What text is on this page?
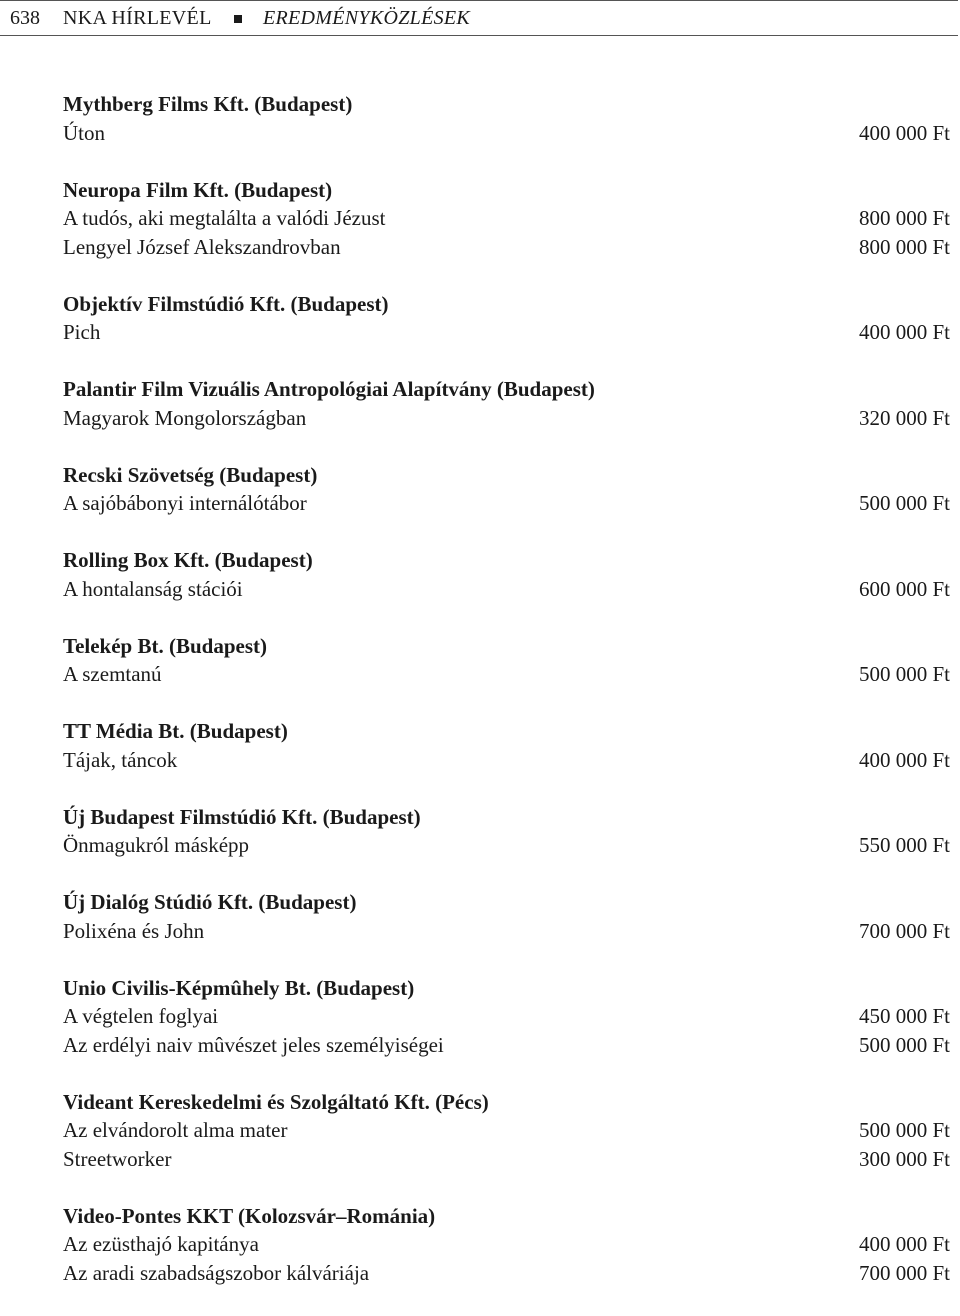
638 NKA HÍRLEVÉL	EREDMÉNYKÖZLÉSEK
Mythberg Films Kft. (Budapest)
Úton	400 000 Ft
Neuropa Film Kft. (Budapest)
A tudós, aki megtalálta a valódi Jézust	800 000 Ft
Lengyel József Alekszandrovban	800 000 Ft
Objektív Filmstúdió Kft. (Budapest)
Pich	400 000 Ft
Palantir Film Vizuális Antropológiai Alapítvány (Budapest)
Magyarok Mongolországban	320 000 Ft
Recski Szövetség (Budapest)
A sajóbábonyi internálótábor	500 000 Ft
Rolling Box Kft. (Budapest)
A hontalanság stációi	600 000 Ft
Telekép Bt. (Budapest)
A szemtanú	500 000 Ft
TT Média Bt. (Budapest)
Tájak, táncok	400 000 Ft
Új Budapest Filmstúdió Kft. (Budapest)
Önmagukról másképp	550 000 Ft
Új Dialóg Stúdió Kft. (Budapest)
Polixéna és John	700 000 Ft
Unio Civilis-Képmûhely Bt. (Budapest)
A végtelen foglyai	450 000 Ft
Az erdélyi naiv mûvészet jeles személyiségei	500 000 Ft
Videant Kereskedelmi és Szolgáltató Kft. (Pécs)
Az elvándorolt alma mater	500 000 Ft
Streetworker	300 000 Ft
Video-Pontes KKT (Kolozsvár–Románia)
Az ezüsthajó kapitánya	400 000 Ft
Az aradi szabadságszobor kálváriája	700 000 Ft
